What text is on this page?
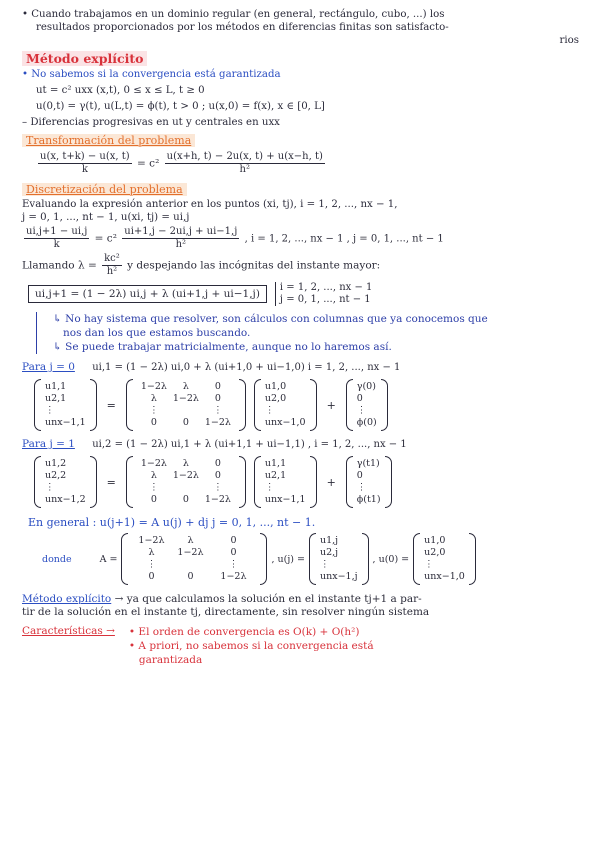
• Cuando trabajamos en un dominio regular (en general, rectángulo, cubo, ...) los
resultados proporcionados por los métodos en diferencias finitas son satisfacto-
rios
Método explícito
• No sabemos si la convergencia está garantizada
ut = c² uxx (x,t), 0 ≤ x ≤ L, t ≥ 0
u(0,t) = γ(t), u(L,t) = ϕ(t), t > 0 ; u(x,0) = f(x), x ∈ [0, L]
– Diferencias progresivas en ut y centrales en uxx
Transformación del problema
$\frac{u(x, t+k) - u(x, t)}{k} = c^2 \frac{u(x+h, t) - 2u(x, t) + u(x-h, t)}{\text{h²}}$
Discretización del problema
Evaluando la expresión anterior en los puntos (xi, tj), i = 1, 2, ..., nx − 1,
j = 0, 1, ..., nt − 1, u(xi, tj) = ui,j
$\frac{ui,j+1 - ui,j}{k} = c^2 \frac{ui+1,j - 2ui,j + ui-1,j}{\text{h²}}$ , i = 1, 2, ..., nx − 1 , j = 0, 1, ..., nt − 1
Llamando $\lambda = \frac{\text{kc²}}{\text{h²}}$ y despejando las incógnitas del instante mayor:
ui,j+1 = (1 − 2λ) ui,j + λ (ui+1,j + ui−1,j)
i = 1, 2, ..., nx − 1
j = 0, 1, ..., nt − 1
↳ No hay sistema que resolver, son cálculos con columnas que ya conocemos que
nos dan los que estamos buscando.
↳ Se puede trabajar matricialmente, aunque no lo haremos así.
Para j = 0 ui,1 = (1 − 2λ) ui,0 + λ (ui+1,0 + ui−1,0) i = 1, 2, ..., nx − 1
u1,1
u2,1
⋮
unx−1,1
=
1−2λ	λ	0
λ	1−2λ	0
⋮	⋮
0	0	1−2λ
u1,0
u2,0
⋮
unx−1,0
+
γ(0)
0
⋮
ϕ(0)
Para j = 1 ui,2 = (1 − 2λ) ui,1 + λ (ui+1,1 + ui−1,1) , i = 1, 2, ..., nx − 1
u1,2
u2,2
⋮
unx−1,2
=
1−2λ	λ	0
λ	1−2λ	0
⋮	⋮
0	0	1−2λ
u1,1
u2,1
⋮
unx−1,1
+
γ(t1)
0
⋮
ϕ(t1)
En general : u(j+1) = A u(j) + dj j = 0, 1, ..., nt − 1.
donde	A =
1−2λ	λ	0
λ	1−2λ	0
⋮	⋮
0	0	1−2λ
, u(j) =
u1,j
u2,j
⋮
unx−1,j
, u(0) =
u1,0
u2,0
⋮
unx−1,0
Método explícito → ya que calculamos la solución en el instante tj+1 a par-
tir de la solución en el instante tj, directamente, sin resolver ningún sistema
Características → • El orden de convergencia es O(k) + O(h²)
• A priori, no sabemos si la convergencia está
garantizada
